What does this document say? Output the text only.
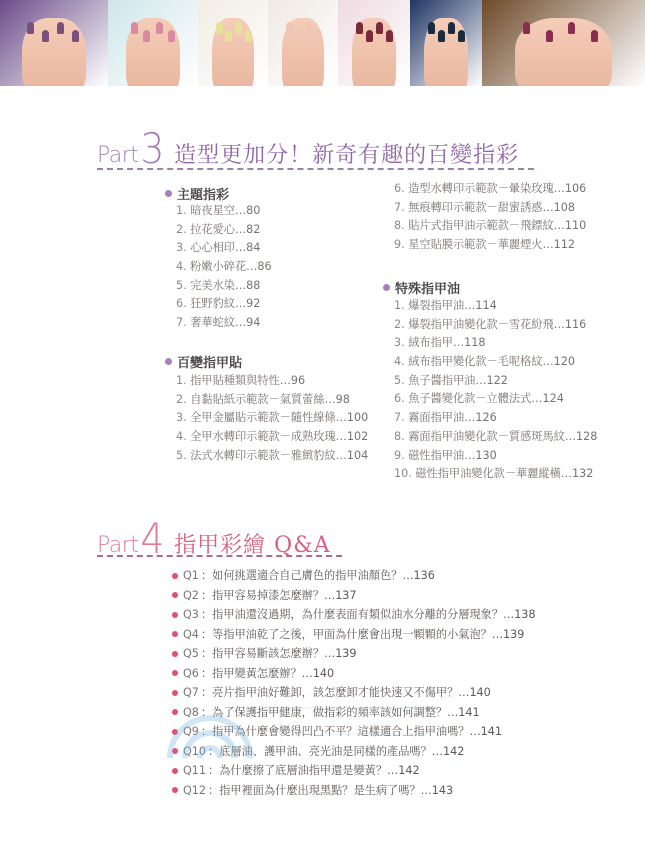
Part 3 造型更加分！新奇有趣的百變指彩
主題指彩
1. 暗夜星空…80
2. 拉花愛心…82
3. 心心相印…84
4. 粉嫩小碎花…86
5. 完美水染…88
6. 狂野豹紋…92
7. 奢華蛇紋…94
百變指甲貼
1. 指甲貼種類與特性…96
2. 自黏貼紙示範款－氣質蕾絲…98
3. 全甲金屬貼示範款－隨性線條…100
4. 全甲水轉印示範款－成熟玫瑰…102
5. 法式水轉印示範款－雅緻豹紋…104
6. 造型水轉印示範款－暈染玫瑰…106
7. 無痕轉印示範款－甜蜜誘惑…108
8. 貼片式指甲油示範款－飛鏢紋…110
9. 星空貼膜示範款－華麗煙火…112
特殊指甲油
1. 爆裂指甲油…114
2. 爆裂指甲油變化款－雪花紛飛…116
3. 絨布指甲…118
4. 絨布指甲變化款－毛呢格紋…120
5. 魚子醬指甲油…122
6. 魚子醬變化款－立體法式…124
7. 霧面指甲油…126
8. 霧面指甲油變化款－質感斑馬紋…128
9. 磁性指甲油…130
10. 磁性指甲油變化款－華麗縱橫…132
Part 4 指甲彩繪 Q&A
Q1 ：如何挑選適合自己膚色的指甲油顏色？…136
Q2 ：指甲容易掉漆怎麼辦？…137
Q3 ：指甲油還沒過期，為什麼表面有類似油水分離的分層現象？…138
Q4 ：等指甲油乾了之後，甲面為什麼會出現一顆顆的小氣泡？…139
Q5 ：指甲容易斷該怎麼辦？…139
Q6 ：指甲變黃怎麼辦？…140
Q7 ：亮片指甲油好難卸，該怎麼卸才能快速又不傷甲？…140
Q8 ：為了保護指甲健康，做指彩的頻率該如何調整？…141
Q9 ：指甲為什麼會變得凹凸不平？這樣適合上指甲油嗎？…141
Q10 ：底層油、護甲油、亮光油是同樣的產品嗎？…142
Q11 ：為什麼擦了底層油指甲還是變黃？…142
Q12 ：指甲裡面為什麼出現黑點？是生病了嗎？…143
